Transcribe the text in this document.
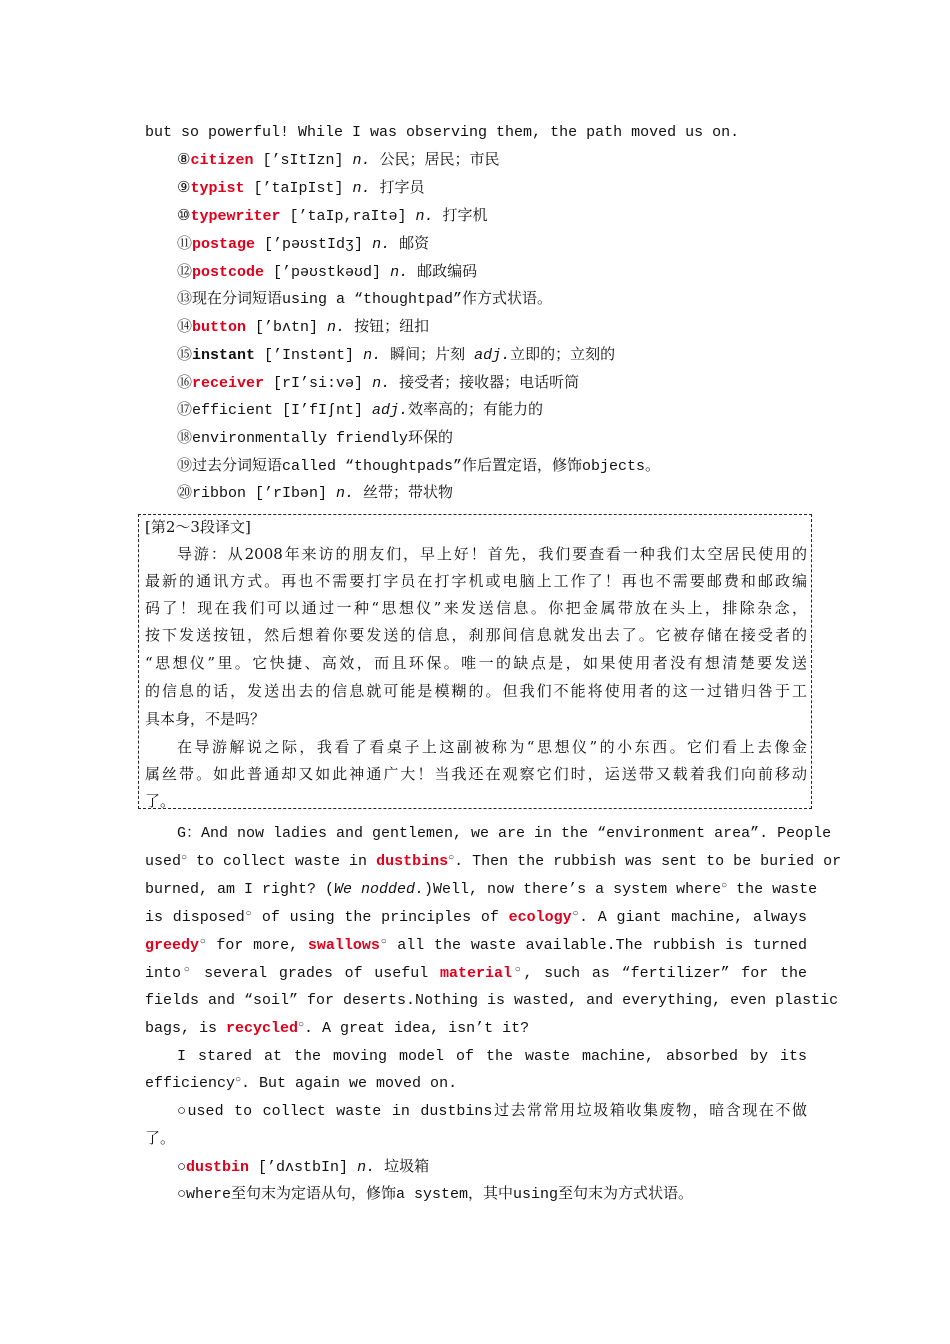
but so powerful! While I was observing them, the path moved us on.
⑧citizen [’sItIzn] n. 公民；居民；市民
⑨typist [’taIpIst] n. 打字员
⑩typewriter [’taIp,raItə] n. 打字机
⑪postage [’pəʊstIdʒ] n. 邮资
⑫postcode [’pəʊstkəʊd] n. 邮政编码
⑬现在分词短语using a “thoughtpad”作方式状语。
⑭button [’bʌtn] n. 按钮；纽扣
⑮instant [’Instənt] n. 瞬间；片刻 adj.立即的；立刻的
⑯receiver [rI’si:və] n. 接受者；接收器；电话听筒
⑰efficient [I’fIʃnt] adj.效率高的；有能力的
⑱environmentally friendly环保的
⑲过去分词短语called “thoughtpads”作后置定语，修饰objects。
⑳ribbon [’rIbən] n. 丝带；带状物
[第2～3段译文]
导游：从2008年来访的朋友们，早上好！首先，我们要查看一种我们太空居民使用的
最新的通讯方式。再也不需要打字员在打字机或电脑上工作了！再也不需要邮费和邮政编
码了！现在我们可以通过一种“思想仪”来发送信息。你把金属带放在头上，排除杂念，
按下发送按钮，然后想着你要发送的信息，刹那间信息就发出去了。它被存储在接受者的
“思想仪”里。它快捷、高效，而且环保。唯一的缺点是，如果使用者没有想清楚要发送
的信息的话，发送出去的信息就可能是模糊的。但我们不能将使用者的这一过错归咎于工
具本身，不是吗？
在导游解说之际，我看了看桌子上这副被称为“思想仪”的小东西。它们看上去像金
属丝带。如此普通却又如此神通广大！当我还在观察它们时，运送带又载着我们向前移动
了。
G：And now ladies and gentlemen, we are in the “environment area”. People
used○ to collect waste in dustbins○. Then the rubbish was sent to be buried or
burned, am I right? (We nodded.)Well, now there’s a system where○ the waste
is disposed○ of using the principles of ecology○. A giant machine, always
greedy○ for more, swallows○ all the waste available.The rubbish is turned
into○ several grades of useful material○, such as “fertilizer” for the
fields and “soil” for deserts.Nothing is wasted, and everything, even plastic
bags, is recycled○. A great idea, isn’t it?
I stared at the moving model of the waste machine, absorbed by its
efficiency○. But again we moved on.
○used to collect waste in dustbins过去常常用垃圾箱收集废物，暗含现在不做
了。
○dustbin [’dʌstbIn] n. 垃圾箱
○where至句末为定语从句，修饰a system，其中using至句末为方式状语。
